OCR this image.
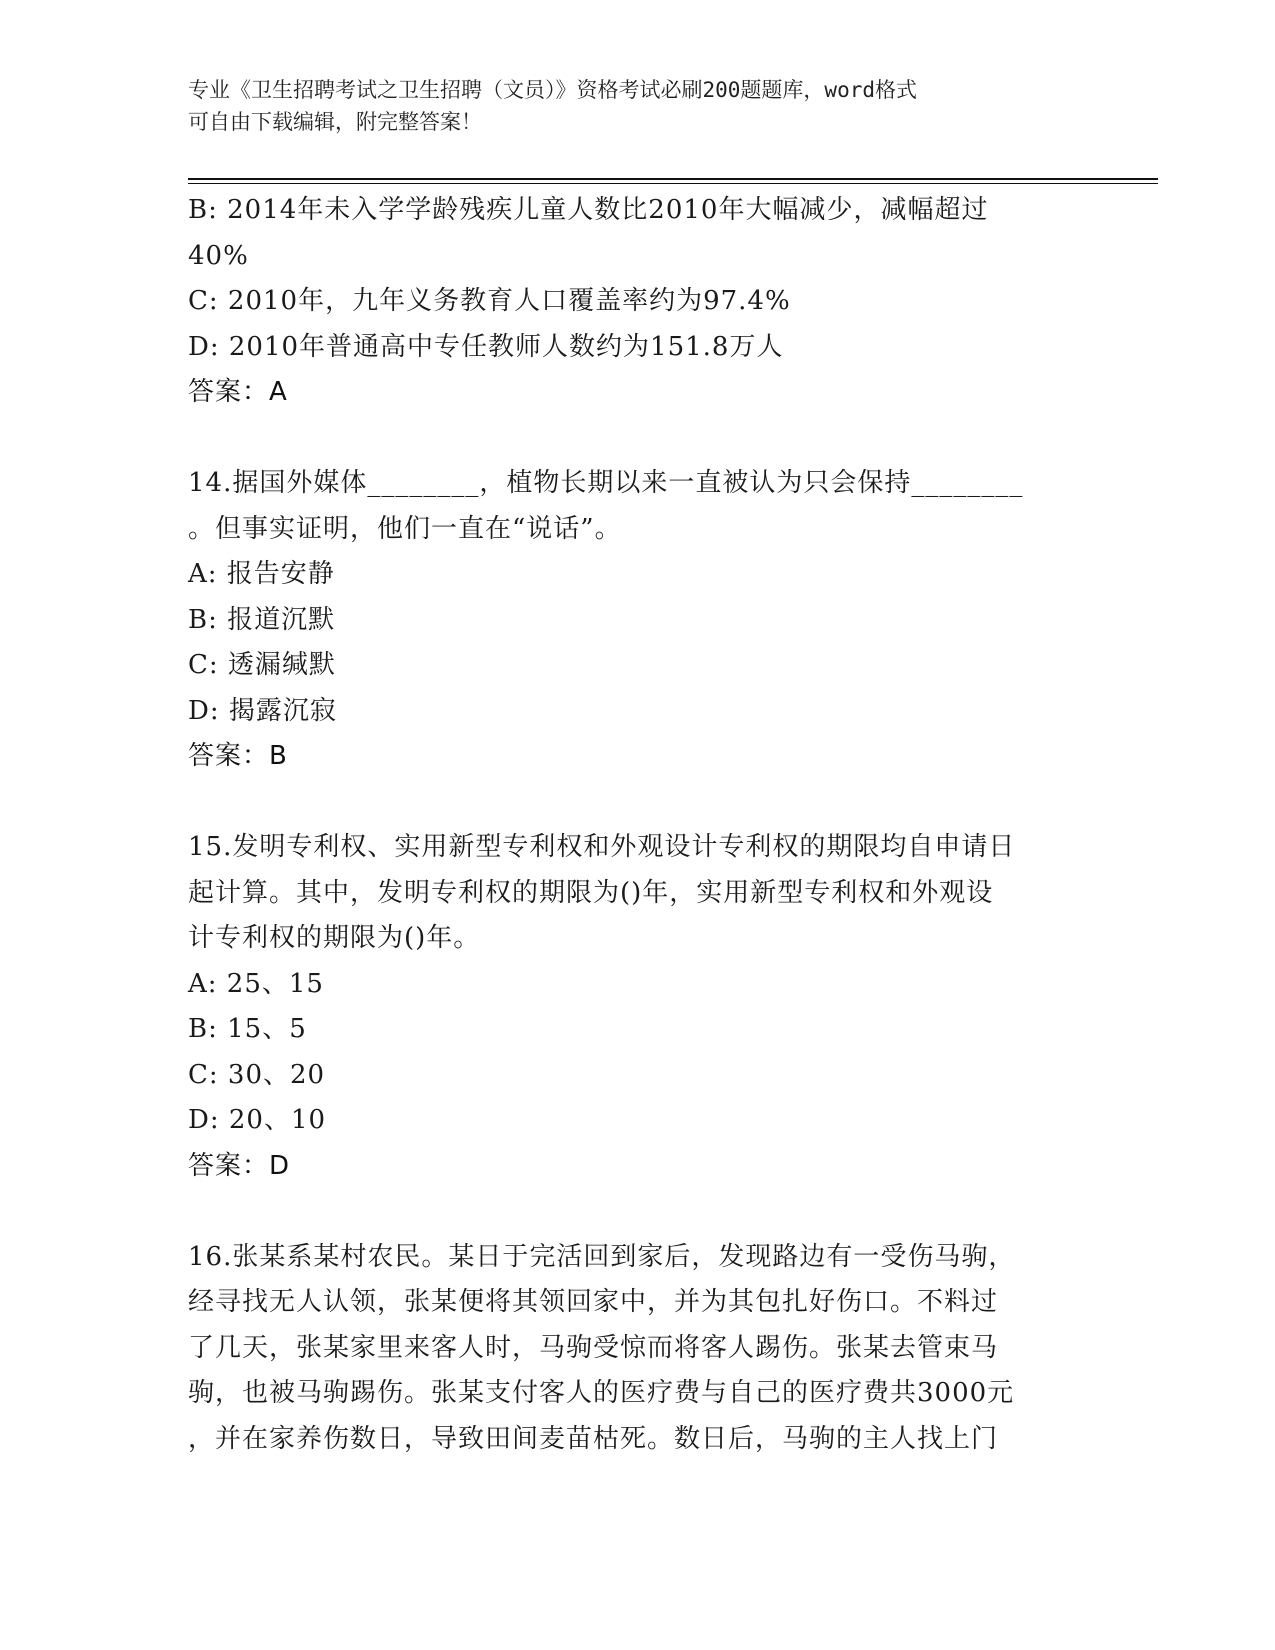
专业《卫生招聘考试之卫生招聘（文员）》资格考试必刷200题题库，word格式
可自由下载编辑，附完整答案！
B: 2014年未入学学龄残疾儿童人数比2010年大幅减少，减幅超过
40%
C: 2010年，九年义务教育人口覆盖率约为97.4%
D: 2010年普通高中专任教师人数约为151.8万人
答案：A
14.据国外媒体________，植物长期以来一直被认为只会保持________
。但事实证明，他们一直在“说话”。
A: 报告安静
B: 报道沉默
C: 透漏缄默
D: 揭露沉寂
答案：B
15.发明专利权、实用新型专利权和外观设计专利权的期限均自申请日
起计算。其中，发明专利权的期限为()年，实用新型专利权和外观设
计专利权的期限为()年。
A: 25、15
B: 15、5
C: 30、20
D: 20、10
答案：D
16.张某系某村农民。某日于完活回到家后，发现路边有一受伤马驹，
经寻找无人认领，张某便将其领回家中，并为其包扎好伤口。不料过
了几天，张某家里来客人时，马驹受惊而将客人踢伤。张某去管束马
驹，也被马驹踢伤。张某支付客人的医疗费与自己的医疗费共3000元
，并在家养伤数日，导致田间麦苗枯死。数日后，马驹的主人找上门
